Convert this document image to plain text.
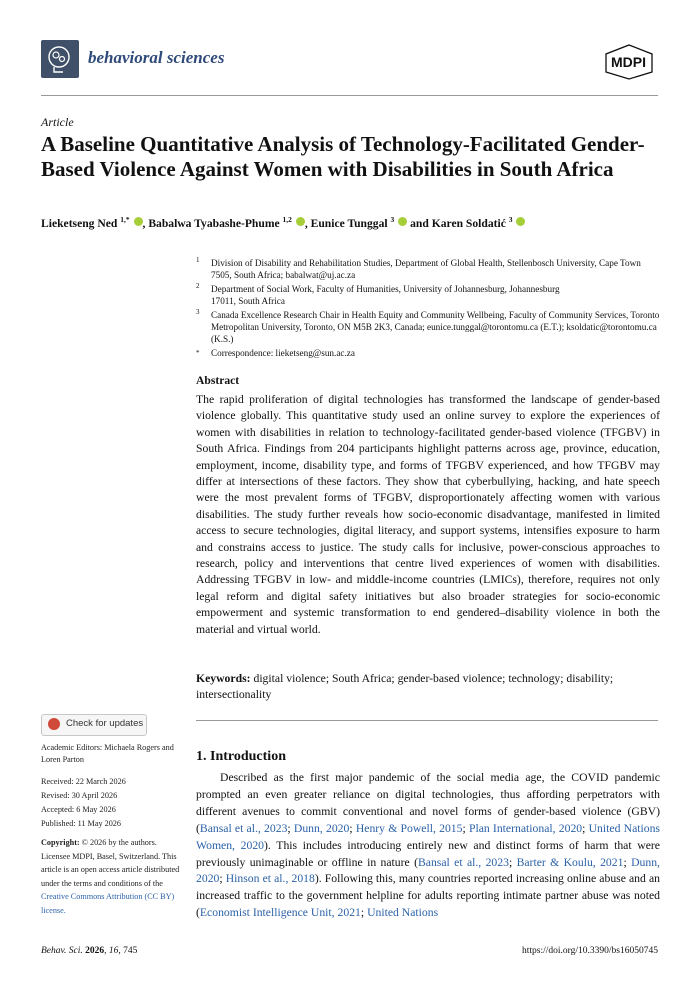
behavioral sciences	MDPI
Article
A Baseline Quantitative Analysis of Technology-Facilitated Gender-Based Violence Against Women with Disabilities in South Africa
Lieketseng Ned $^{1,*}$ , Babalwa Tyabashe-Phume $^{1,2}$ , Eunice Tunggal $^3$  and Karen Soldatić $^3$
1 Division of Disability and Rehabilitation Studies, Department of Global Health, Stellenbosch University, Cape Town 7505, South Africa; babalwat@uj.ac.za
2 Department of Social Work, Faculty of Humanities, University of Johannesburg, Johannesburg 17011, South Africa
3 Canada Excellence Research Chair in Health Equity and Community Wellbeing, Faculty of Community Services, Toronto Metropolitan University, Toronto, ON M5B 2K3, Canada; eunice.tunggal@torontomu.ca (E.T.); ksoldatic@torontomu.ca (K.S.)
* Correspondence: lieketseng@sun.ac.za
Abstract

The rapid proliferation of digital technologies has transformed the landscape of gender-based violence globally. This quantitative study used an online survey to explore the experiences of women with disabilities in relation to technology-facilitated gender-based violence (TFGBV) in South Africa. Findings from 204 participants highlight patterns across age, province, education, employment, income, disability type, and forms of TFGBV experienced, and how TFGBV may differ at intersections of these factors. They show that cyberbullying, hacking, and hate speech were the most prevalent forms of TFGBV, disproportionately affecting women with various disabilities. The study further reveals how socio-economic disadvantage, manifested in limited access to secure technologies, digital literacy, and support systems, intensifies exposure to harm and constrains access to justice. The study calls for inclusive, power-conscious approaches to research, policy and interventions that centre lived experiences of women with disabilities. Addressing TFGBV in low- and middle-income countries (LMICs), therefore, requires not only legal reform and digital safety initiatives but also broader strategies for socio-economic empowerment and systemic transformation to end gendered–disability violence in both the material and virtual world.

Keywords: digital violence; South Africa; gender-based violence; technology; disability; intersectionality

Check for updates
Academic Editors: Michaela Rogers and Loren Parton
Received: 22 March 2026
Revised: 30 April 2026
Accepted: 6 May 2026
Published: 11 May 2026
Copyright: © 2026 by the authors. Licensee MDPI, Basel, Switzerland. This article is an open access article distributed under the terms and conditions of the Creative Commons Attribution (CC BY) license.
1. Introduction

Described as the first major pandemic of the social media age, the COVID pandemic prompted an even greater reliance on digital technologies, thus affording perpetrators with different avenues to commit conventional and novel forms of gender-based violence (GBV) (Bansal et al., 2023; Dunn, 2020; Henry & Powell, 2015; Plan International, 2020; United Nations Women, 2020). This includes introducing entirely new and distinct forms of harm that were previously unimaginable or offline in nature (Bansal et al., 2023; Barter & Koulu, 2021; Dunn, 2020; Hinson et al., 2018). Following this, many countries reported increasing online abuse and an increased traffic to the government helpline for adults reporting intimate partner abuse was noted (Economist Intelligence Unit, 2021; United Nations

Behav. Sci. 2026, 16, 745	https://doi.org/10.3390/bs16050745
